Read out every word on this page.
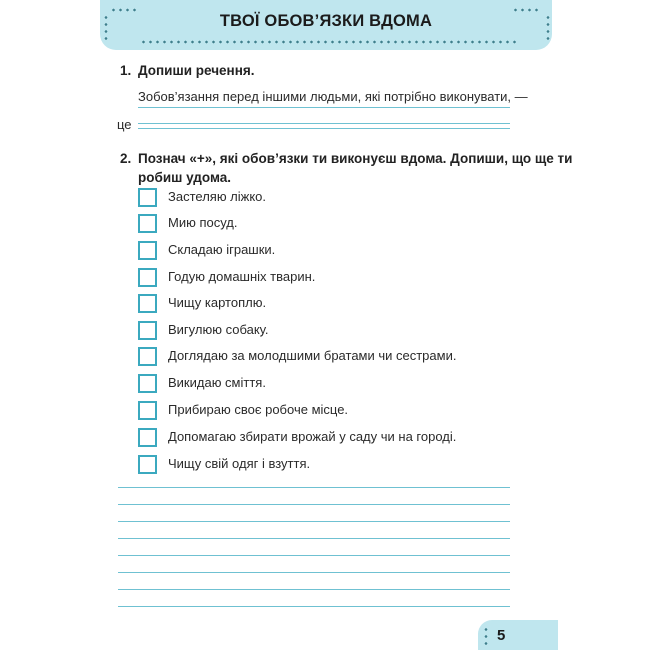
ТВОЇ ОБОВ’ЯЗКИ ВДОМА
1. Допиши речення.
Зобов’язання перед іншими людьми, які потрібно виконувати, —
це
2. Познач «+», які обов’язки ти виконуєш вдома. Допиши, що ще ти
робиш удома.
Застеляю ліжко.
Мию посуд.
Складаю іграшки.
Годую домашніх тварин.
Чищу картоплю.
Вигулюю собаку.
Доглядаю за молодшими братами чи сестрами.
Викидаю сміття.
Прибираю своє робоче місце.
Допомагаю збирати врожай у саду чи на городі.
Чищу свій одяг і взуття.
5
